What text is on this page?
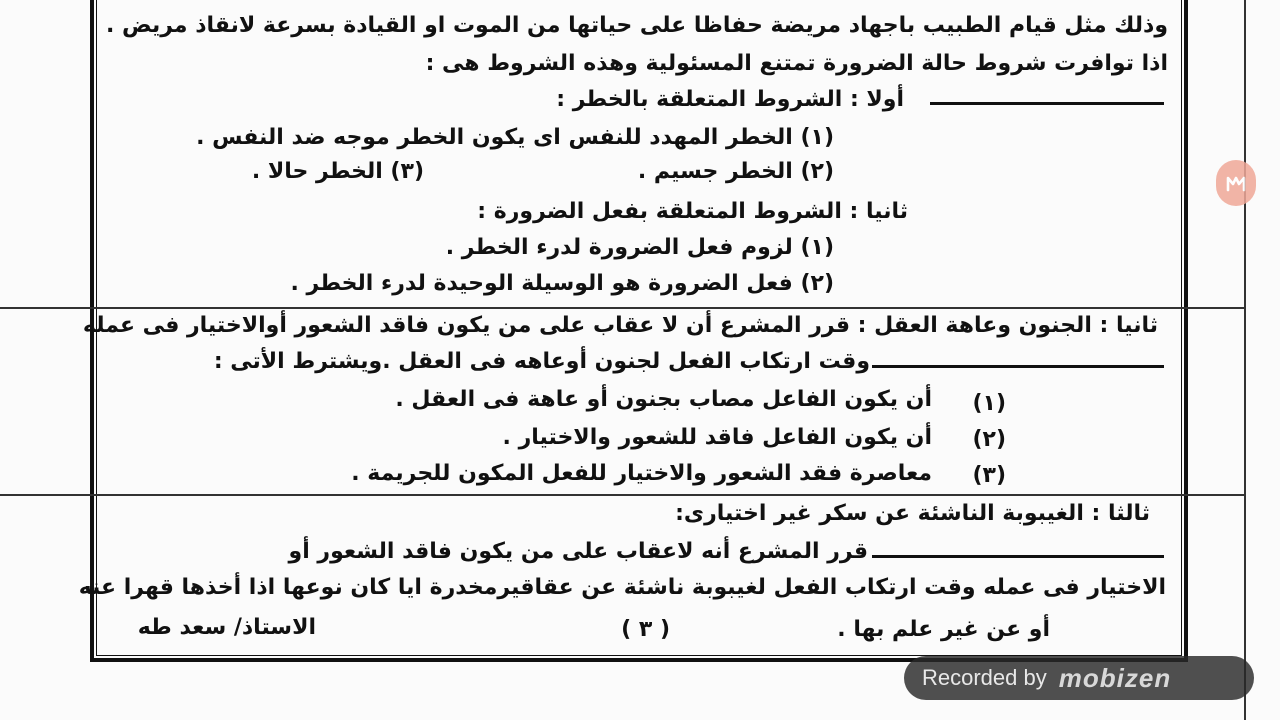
وذلك مثل قيام الطبيب باجهاد مريضة حفاظا على حياتها من الموت او القيادة بسرعة لانقاذ مريض .
اذا توافرت شروط حالة الضرورة تمتنع المسئولية وهذه الشروط هى :
أولا : الشروط المتعلقة بالخطر :
(١) الخطر المهدد للنفس اى يكون الخطر موجه ضد النفس .
(٢) الخطر جسيم .
(٣) الخطر حالا .
ثانيا : الشروط المتعلقة بفعل الضرورة :
(١) لزوم فعل الضرورة لدرء الخطر .
(٢) فعل الضرورة هو الوسيلة الوحيدة لدرء الخطر .
ثانيا : الجنون وعاهة العقل : قرر المشرع أن لا عقاب على من يكون فاقد الشعور أوالاختيار فى عمله
وقت ارتكاب الفعل لجنون أوعاهه فى العقل .ويشترط الأتى :
(١)
أن يكون الفاعل مصاب بجنون أو عاهة فى العقل .
(٢)
أن يكون الفاعل فاقد للشعور والاختيار .
(٣)
معاصرة فقد الشعور والاختيار للفعل المكون للجريمة .
ثالثا : الغيبوبة الناشئة عن سكر غير اختيارى:
قرر المشرع أنه لاعقاب على من يكون فاقد الشعور أو
الاختيار فى عمله وقت ارتكاب الفعل لغيبوبة ناشئة عن عقاقيرمخدرة ايا كان نوعها اذا أخذها قهرا عنه
أو عن غير علم بها .
( ٣ )
الاستاذ/ سعد طه
Recorded by mobizen
